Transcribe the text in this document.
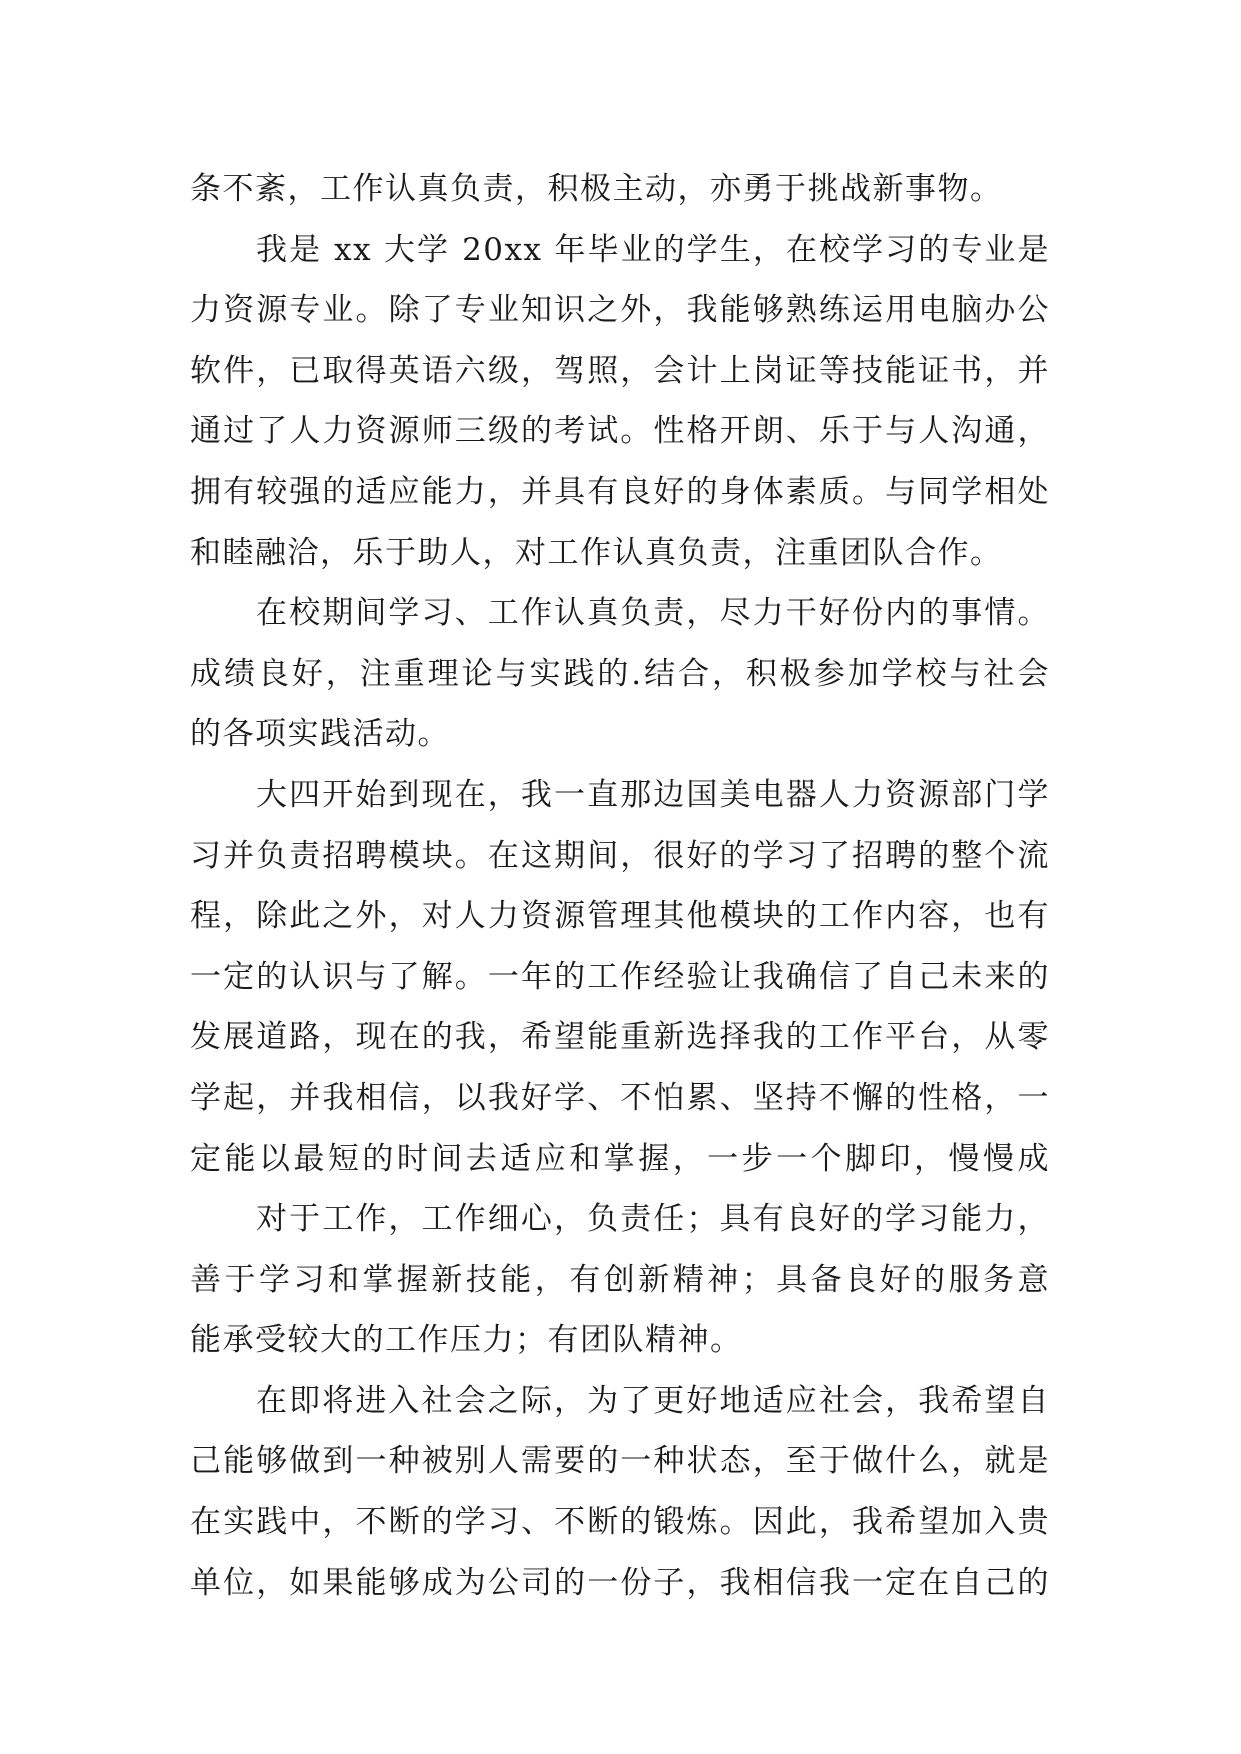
条不紊，工作认真负责，积极主动，亦勇于挑战新事物。
我是 xx 大学 20xx 年毕业的学生，在校学习的专业是
力资源专业。除了专业知识之外，我能够熟练运用电脑办公
软件，已取得英语六级，驾照，会计上岗证等技能证书，并
通过了人力资源师三级的考试。性格开朗、乐于与人沟通，
拥有较强的适应能力，并具有良好的身体素质。与同学相处
和睦融洽，乐于助人，对工作认真负责，注重团队合作。
在校期间学习、工作认真负责，尽力干好份内的事情。
成绩良好，注重理论与实践的.结合，积极参加学校与社会
的各项实践活动。
大四开始到现在，我一直那边国美电器人力资源部门学
习并负责招聘模块。在这期间，很好的学习了招聘的整个流
程，除此之外，对人力资源管理其他模块的工作内容，也有
一定的认识与了解。一年的工作经验让我确信了自己未来的
发展道路，现在的我，希望能重新选择我的工作平台，从零
学起，并我相信，以我好学、不怕累、坚持不懈的性格，一
定能以最短的时间去适应和掌握，一步一个脚印，慢慢成
对于工作，工作细心，负责任；具有良好的学习能力，
善于学习和掌握新技能，有创新精神；具备良好的服务意
能承受较大的工作压力；有团队精神。
在即将进入社会之际，为了更好地适应社会，我希望自
己能够做到一种被别人需要的一种状态，至于做什么，就是
在实践中，不断的学习、不断的锻炼。因此，我希望加入贵
单位，如果能够成为公司的一份子，我相信我一定在自己的
